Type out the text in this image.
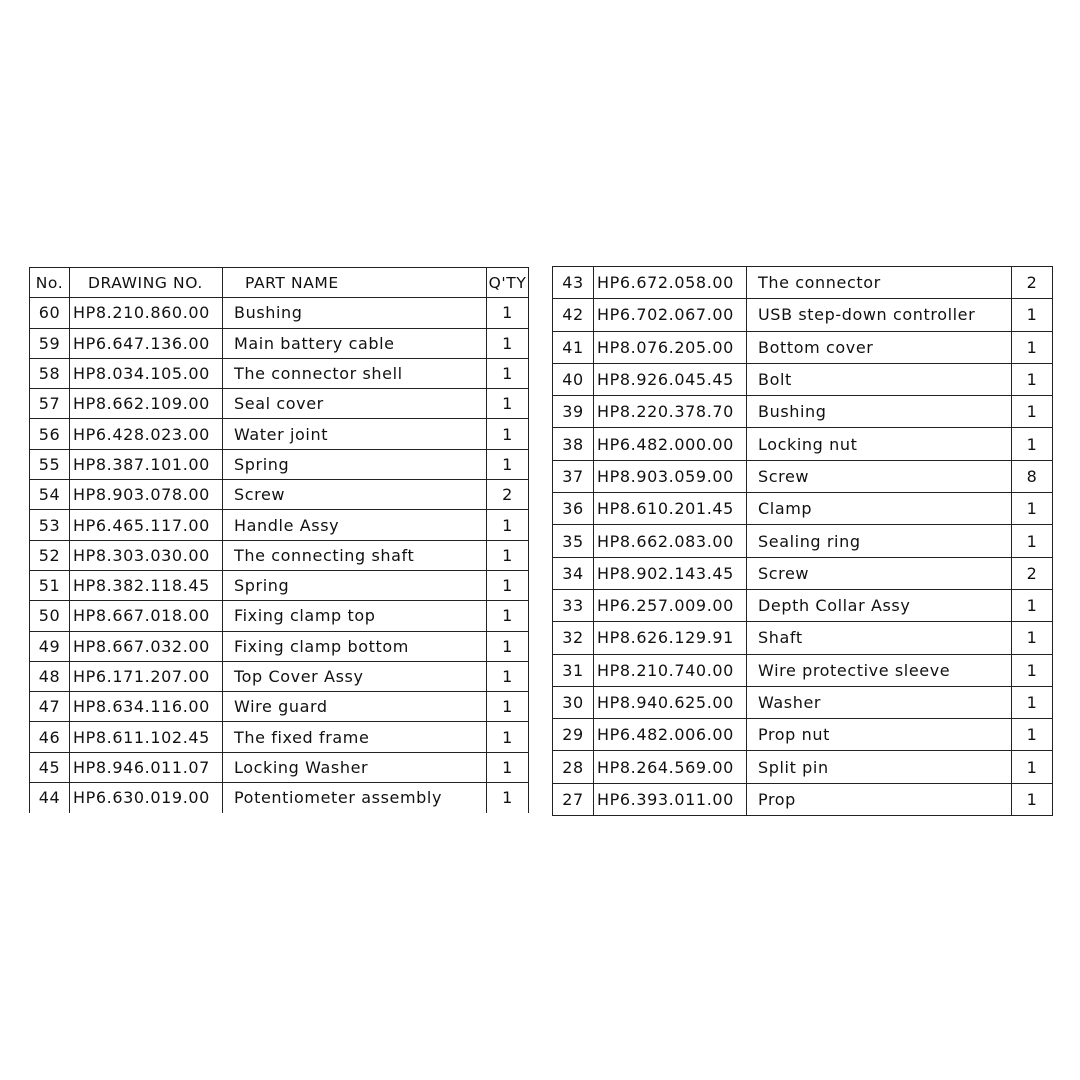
No.	DRAWING NO.	PART NAME	Q'TY
60	HP8.210.860.00	Bushing	1
59	HP6.647.136.00	Main battery cable	1
58	HP8.034.105.00	The connector shell	1
57	HP8.662.109.00	Seal cover	1
56	HP6.428.023.00	Water joint	1
55	HP8.387.101.00	Spring	1
54	HP8.903.078.00	Screw	2
53	HP6.465.117.00	Handle Assy	1
52	HP8.303.030.00	The connecting shaft	1
51	HP8.382.118.45	Spring	1
50	HP8.667.018.00	Fixing clamp top	1
49	HP8.667.032.00	Fixing clamp bottom	1
48	HP6.171.207.00	Top Cover Assy	1
47	HP8.634.116.00	Wire guard	1
46	HP8.611.102.45	The fixed frame	1
45	HP8.946.011.07	Locking Washer	1
44	HP6.630.019.00	Potentiometer assembly	1
43	HP6.672.058.00	The connector	2
42	HP6.702.067.00	USB step-down controller	1
41	HP8.076.205.00	Bottom cover	1
40	HP8.926.045.45	Bolt	1
39	HP8.220.378.70	Bushing	1
38	HP6.482.000.00	Locking nut	1
37	HP8.903.059.00	Screw	8
36	HP8.610.201.45	Clamp	1
35	HP8.662.083.00	Sealing ring	1
34	HP8.902.143.45	Screw	2
33	HP6.257.009.00	Depth Collar Assy	1
32	HP8.626.129.91	Shaft	1
31	HP8.210.740.00	Wire protective sleeve	1
30	HP8.940.625.00	Washer	1
29	HP6.482.006.00	Prop nut	1
28	HP8.264.569.00	Split pin	1
27	HP6.393.011.00	Prop	1
